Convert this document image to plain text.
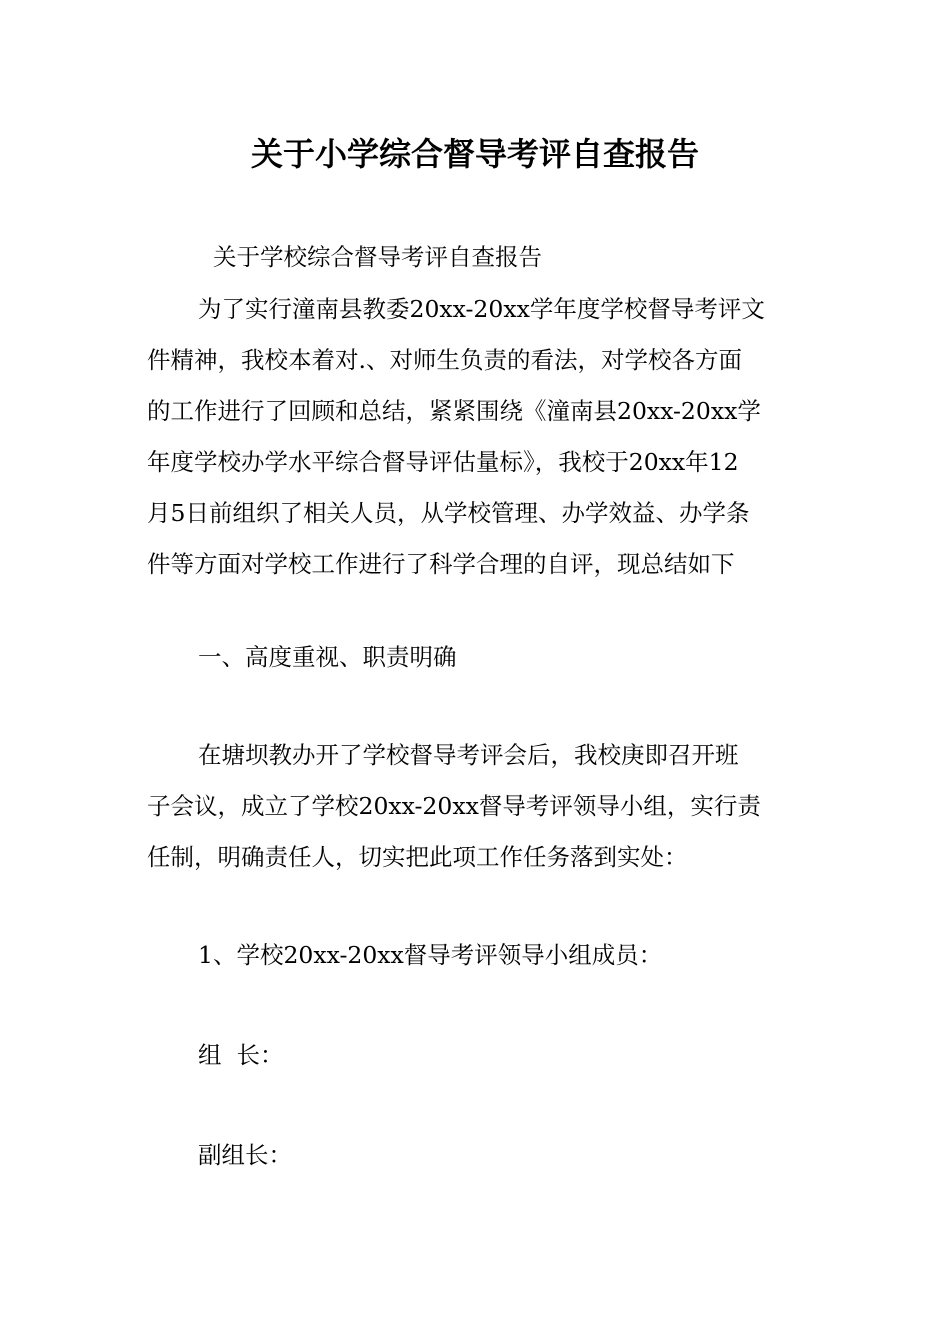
关于小学综合督导考评自查报告

关于学校综合督导考评自查报告

为了实行潼南县教委20xx-20xx学年度学校督导考评文
件精神，我校本着对.、对师生负责的看法，对学校各方面
的工作进行了回顾和总结，紧紧围绕《潼南县20xx-20xx学
年度学校办学水平综合督导评估量标》，我校于20xx年12
月5日前组织了相关人员，从学校管理、办学效益、办学条
件等方面对学校工作进行了科学合理的自评，现总结如下

一、高度重视、职责明确

在塘坝教办开了学校督导考评会后，我校庚即召开班
子会议，成立了学校20xx-20xx督导考评领导小组，实行责
任制，明确责任人，切实把此项工作任务落到实处：

1、学校20xx-20xx督导考评领导小组成员：

组  长：

副组长：
